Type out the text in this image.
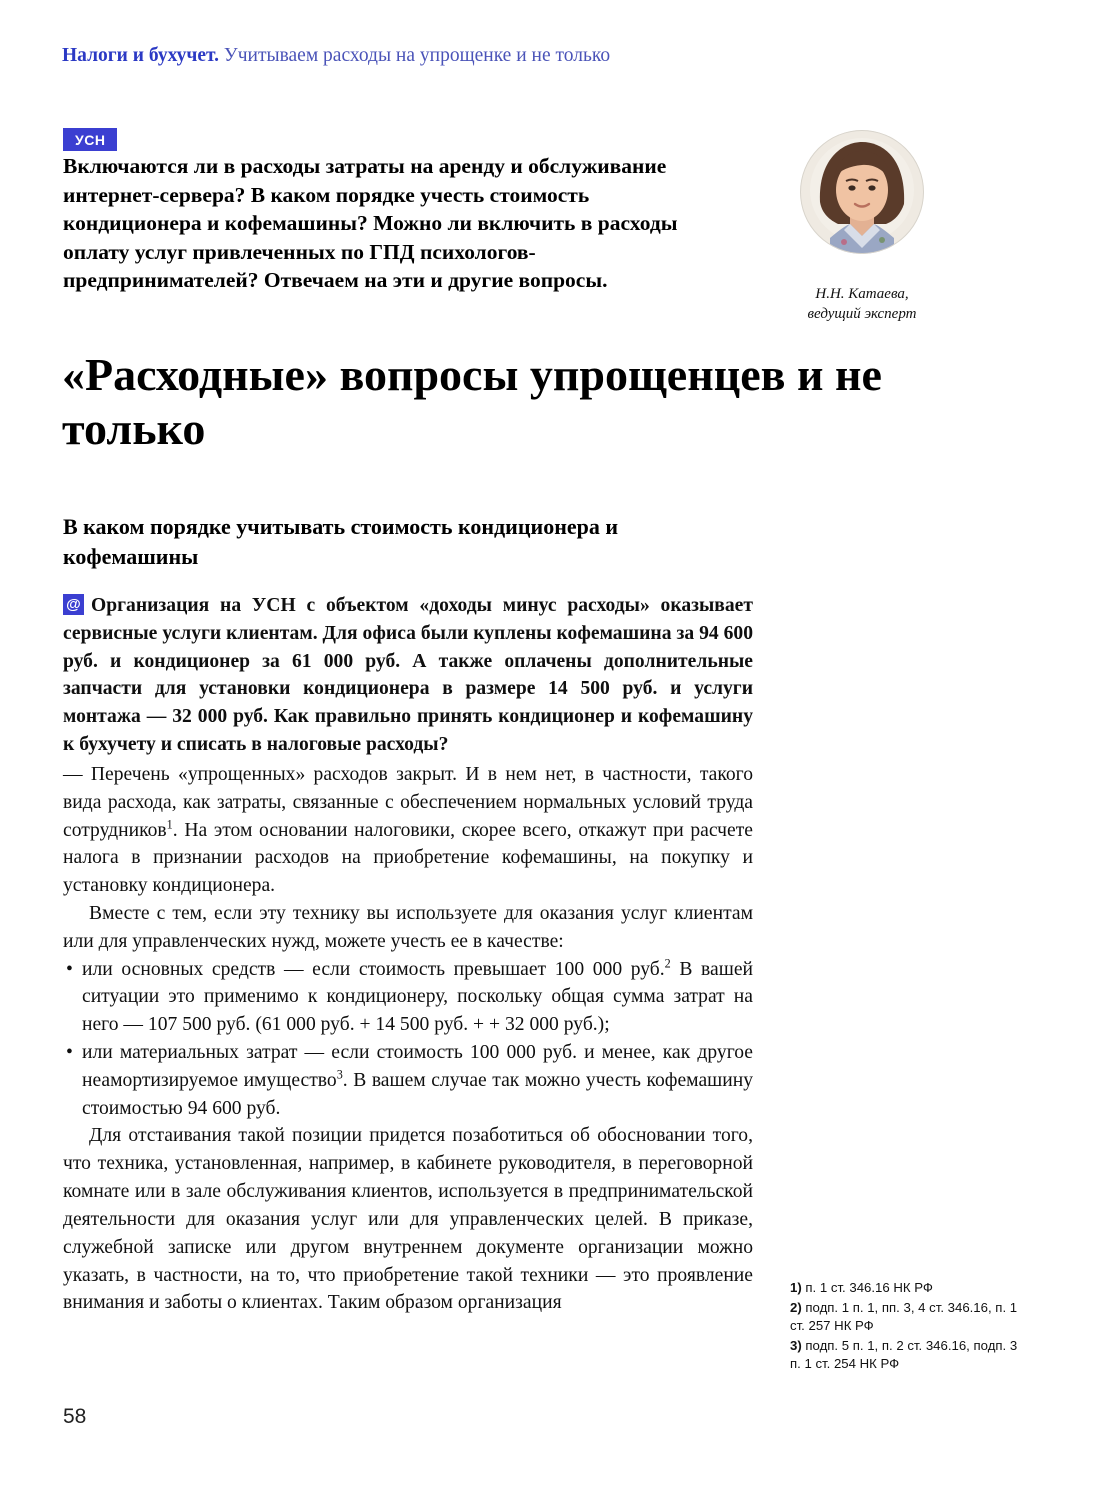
Налоги и бухучет. Учитываем расходы на упрощенке и не только
УСН
Включаются ли в расходы затраты на аренду и обслуживание интернет-сервера? В каком порядке учесть стоимость кондиционера и кофемашины? Можно ли включить в расходы оплату услуг привлеченных по ГПД психологов-предпринимателей? Отвечаем на эти и другие вопросы.
Н.Н. Катаева,
ведущий эксперт
«Расходные» вопросы упрощенцев и не только
В каком порядке учитывать стоимость кондиционера и кофемашины

@ Организация на УСН с объектом «доходы минус расходы» оказывает сервисные услуги клиентам. Для офиса были куплены кофемашина за 94 600 руб. и кондиционер за 61 000 руб. А также оплачены дополнительные запчасти для установки кондиционера в размере 14 500 руб. и услуги монтажа — 32 000 руб. Как правильно принять кондиционер и кофемашину к бухучету и списать в налоговые расходы?

— Перечень «упрощенных» расходов закрыт. И в нем нет, в частности, такого вида расхода, как затраты, связанные с обеспечением нормальных условий труда сотрудников$^1$. На этом основании налоговики, скорее всего, откажут при расчете налога в признании расходов на приобретение кофемашины, на покупку и установку кондиционера.

Вместе с тем, если эту технику вы используете для оказания услуг клиентам или для управленческих нужд, можете учесть ее в качестве:

• или основных средств — если стоимость превышает 100 000 руб.$^2$ В вашей ситуации это применимо к кондиционеру, поскольку общая сумма затрат на него — 107 500 руб. (61 000 руб. + 14 500 руб. + + 32 000 руб.);
• или материальных затрат — если стоимость 100 000 руб. и менее, как другое неамортизируемое имущество$^3$. В вашем случае так можно учесть кофемашину стоимостью 94 600 руб.

Для отстаивания такой позиции придется позаботиться об обосновании того, что техника, установленная, например, в кабинете руководителя, в переговорной комнате или в зале обслуживания клиентов, используется в предпринимательской деятельности для оказания услуг или для управленческих целей. В приказе, служебной записке или другом внутреннем документе организации можно указать, в частности, на то, что приобретение такой техники — это проявление внимания и заботы о клиентах. Таким образом организация

1) п. 1 ст. 346.16 НК РФ
2) подп. 1 п. 1, пп. 3, 4 ст. 346.16, п. 1 ст. 257 НК РФ
3) подп. 5 п. 1, п. 2 ст. 346.16, подп. 3 п. 1 ст. 254 НК РФ
58
